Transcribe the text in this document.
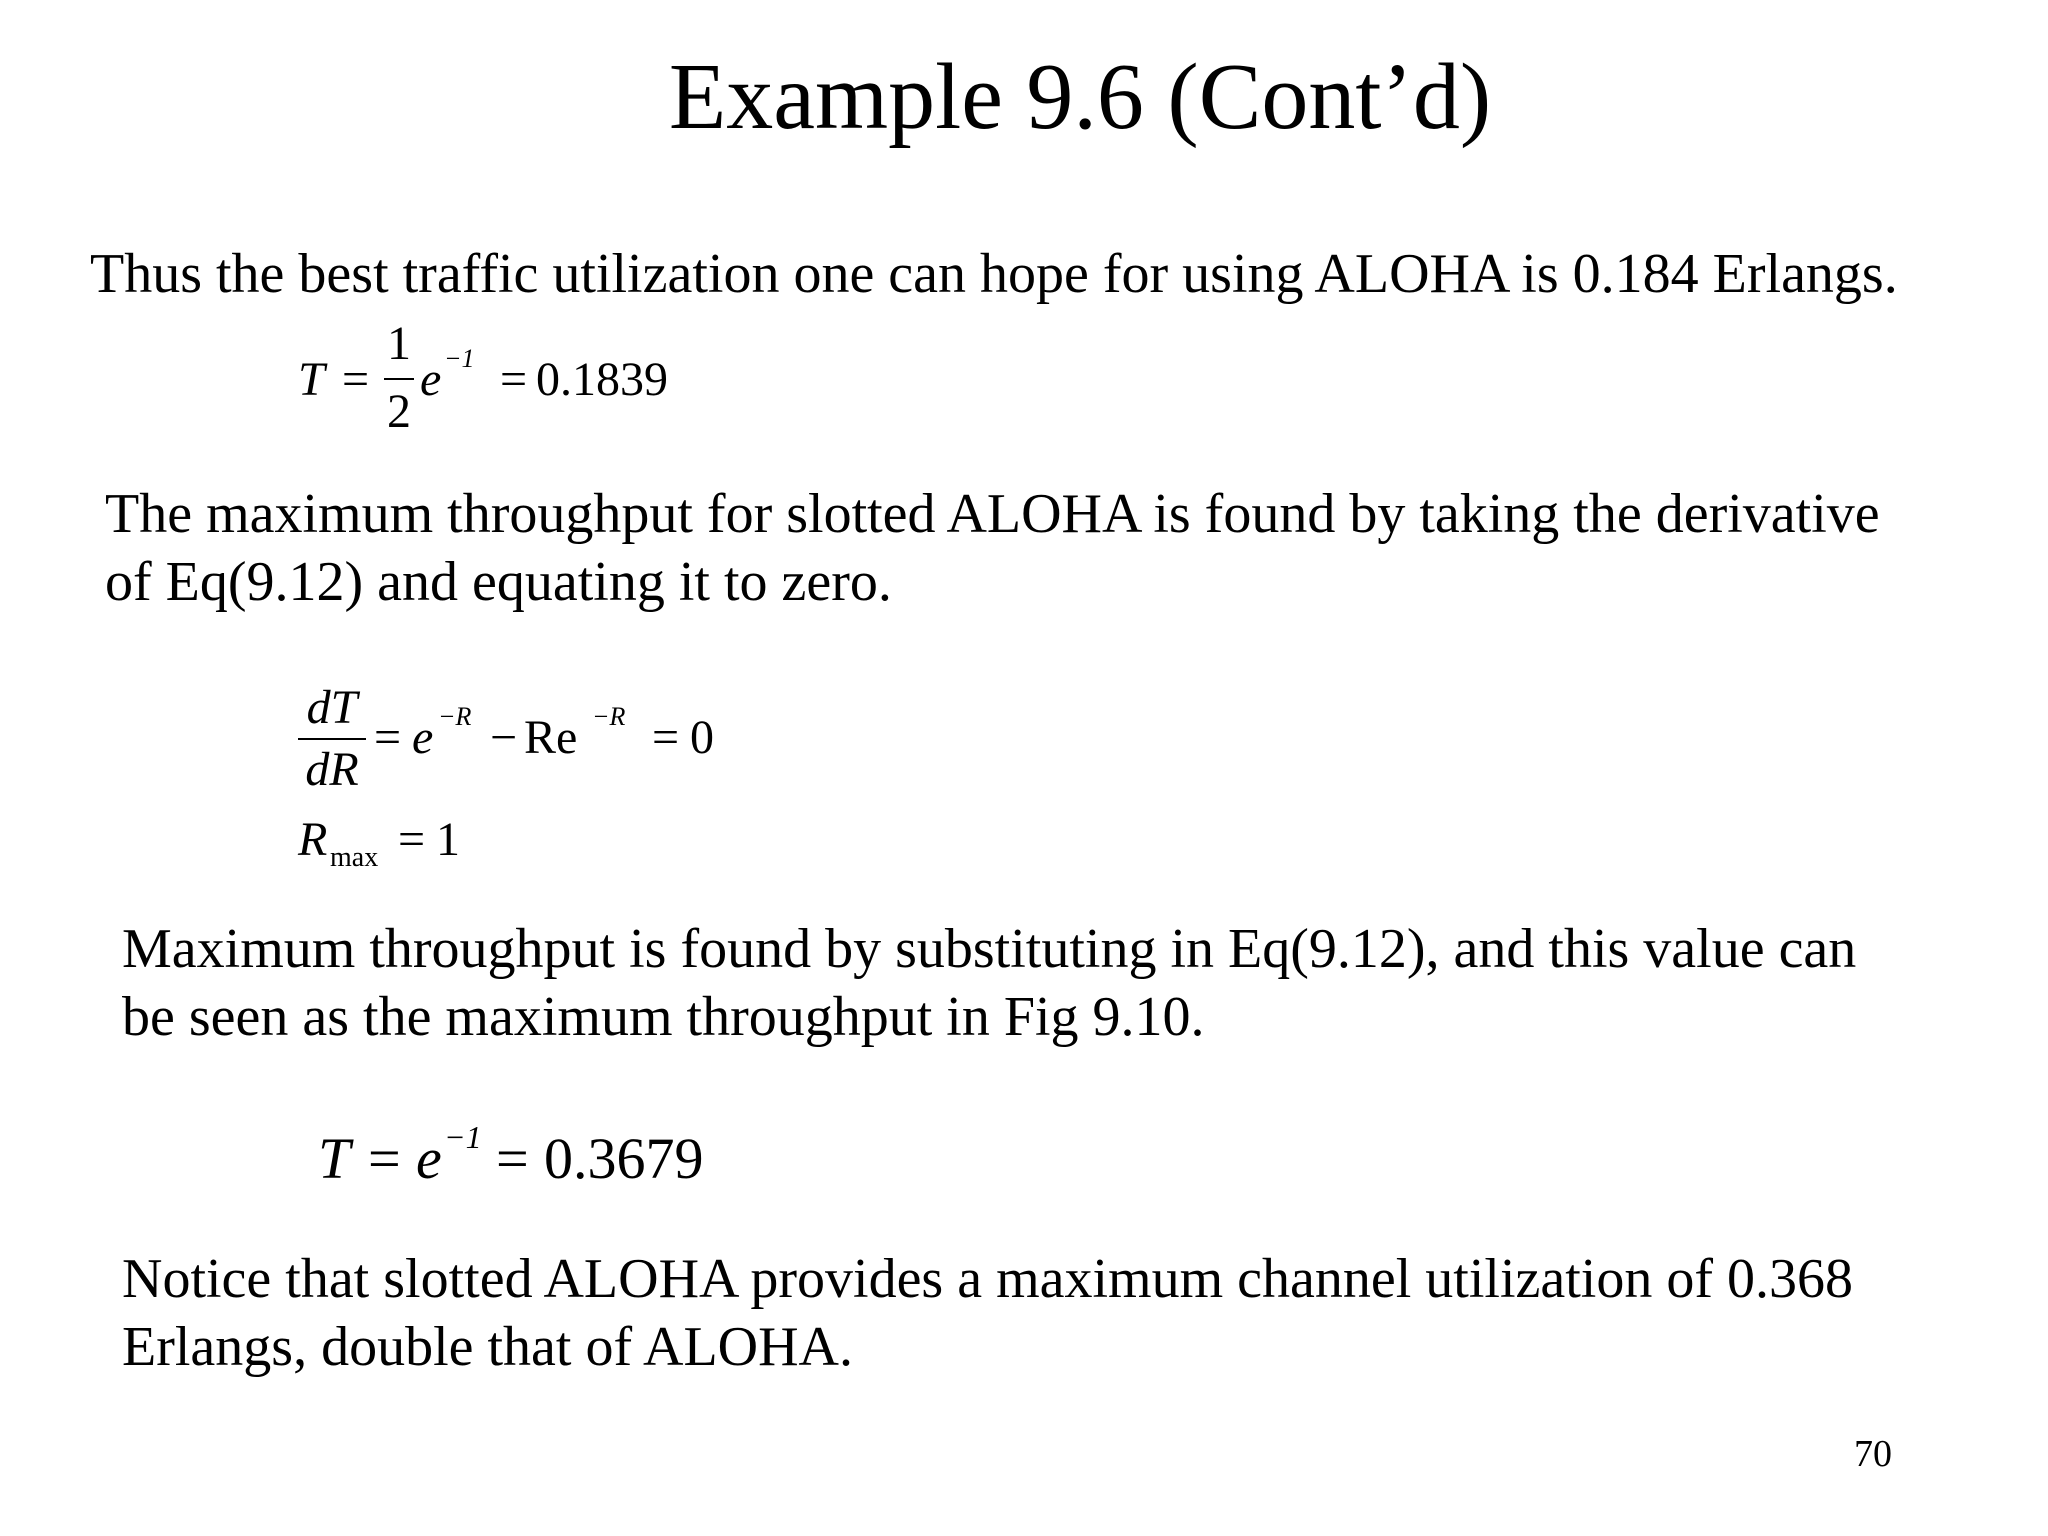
Example 9.6 (Cont’d)
Thus the best traffic utilization one can hope for using ALOHA is 0.184 Erlangs.
T =
1
2
e −1 = 0.1839
The maximum throughput for slotted ALOHA is found by taking the derivative
of Eq(9.12) and equating it to zero.
dT
dR
= e −R − Re −R = 0
R max = 1
Maximum throughput is found by substituting in Eq(9.12), and this value can
be seen as the maximum throughput in Fig 9.10.
T = e −1 = 0.3679
Notice that slotted ALOHA provides a maximum channel utilization of 0.368
Erlangs, double that of ALOHA.
70
